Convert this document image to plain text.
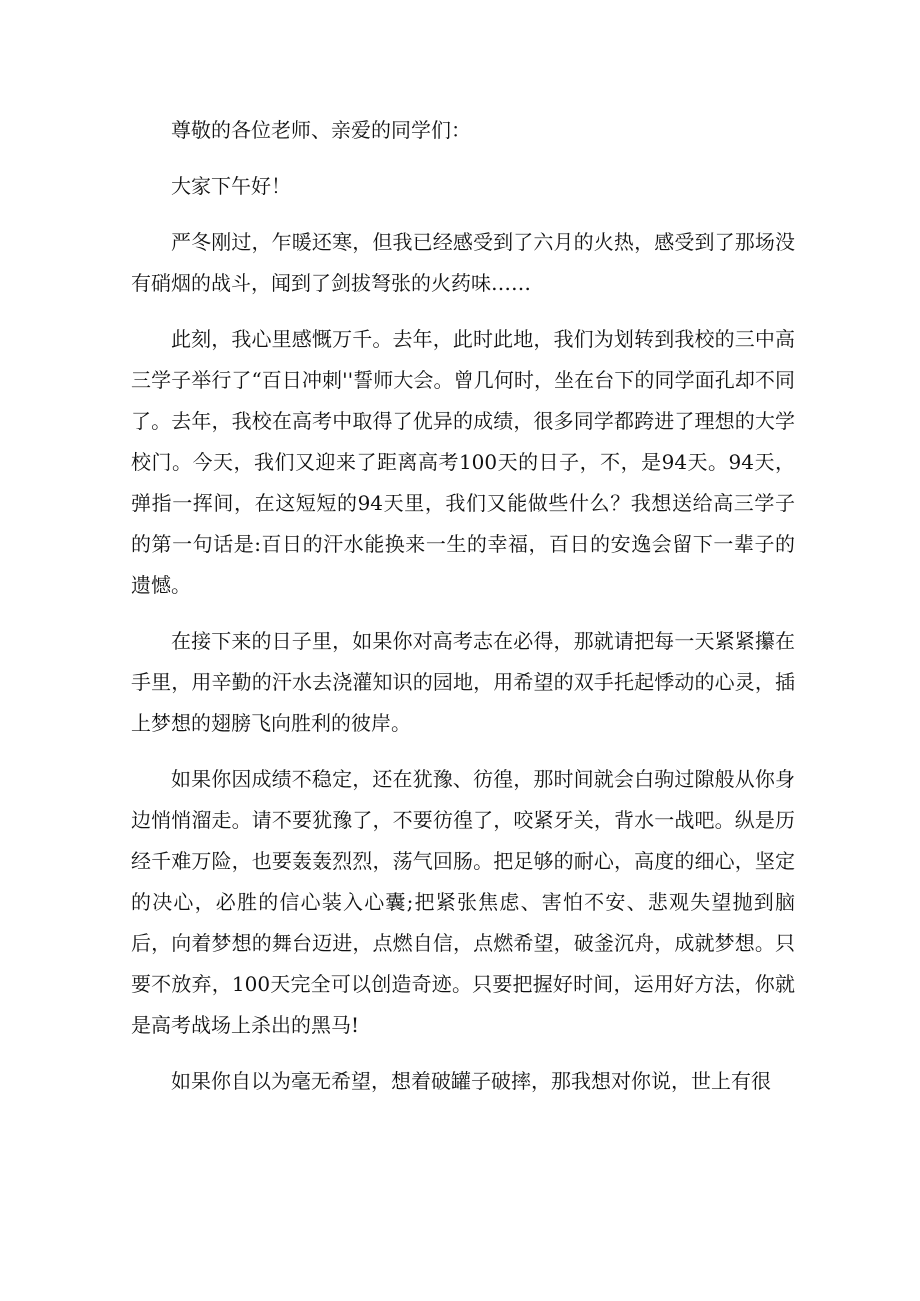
尊敬的各位老师、亲爱的同学们：

大家下午好！

严冬刚过，乍暖还寒，但我已经感受到了六月的火热，感受到了那场没有硝烟的战斗，闻到了剑拔弩张的火药味……

此刻，我心里感慨万千。去年，此时此地，我们为划转到我校的三中高三学子举行了“百日冲刺''誓师大会。曾几何时，坐在台下的同学面孔却不同了。去年，我校在高考中取得了优异的成绩，很多同学都跨进了理想的大学校门。今天，我们又迎来了距离高考100天的日子，不，是94天。94天，弹指一挥间，在这短短的94天里，我们又能做些什么？我想送给高三学子的第一句话是:百日的汗水能换来一生的幸福，百日的安逸会留下一辈子的遗憾。

在接下来的日子里，如果你对高考志在必得，那就请把每一天紧紧攥在手里，用辛勤的汗水去浇灌知识的园地，用希望的双手托起悸动的心灵，插上梦想的翅膀飞向胜利的彼岸。

如果你因成绩不稳定，还在犹豫、彷徨，那时间就会白驹过隙般从你身边悄悄溜走。请不要犹豫了，不要彷徨了，咬紧牙关，背水一战吧。纵是历经千难万险，也要轰轰烈烈，荡气回肠。把足够的耐心，高度的细心，坚定的决心，必胜的信心装入心囊;把紧张焦虑、害怕不安、悲观失望抛到脑后，向着梦想的舞台迈进，点燃自信，点燃希望，破釜沉舟，成就梦想。只要不放弃，100天完全可以创造奇迹。只要把握好时间，运用好方法，你就是高考战场上杀出的黑马!

如果你自以为毫无希望，想着破罐子破摔，那我想对你说，世上有很
